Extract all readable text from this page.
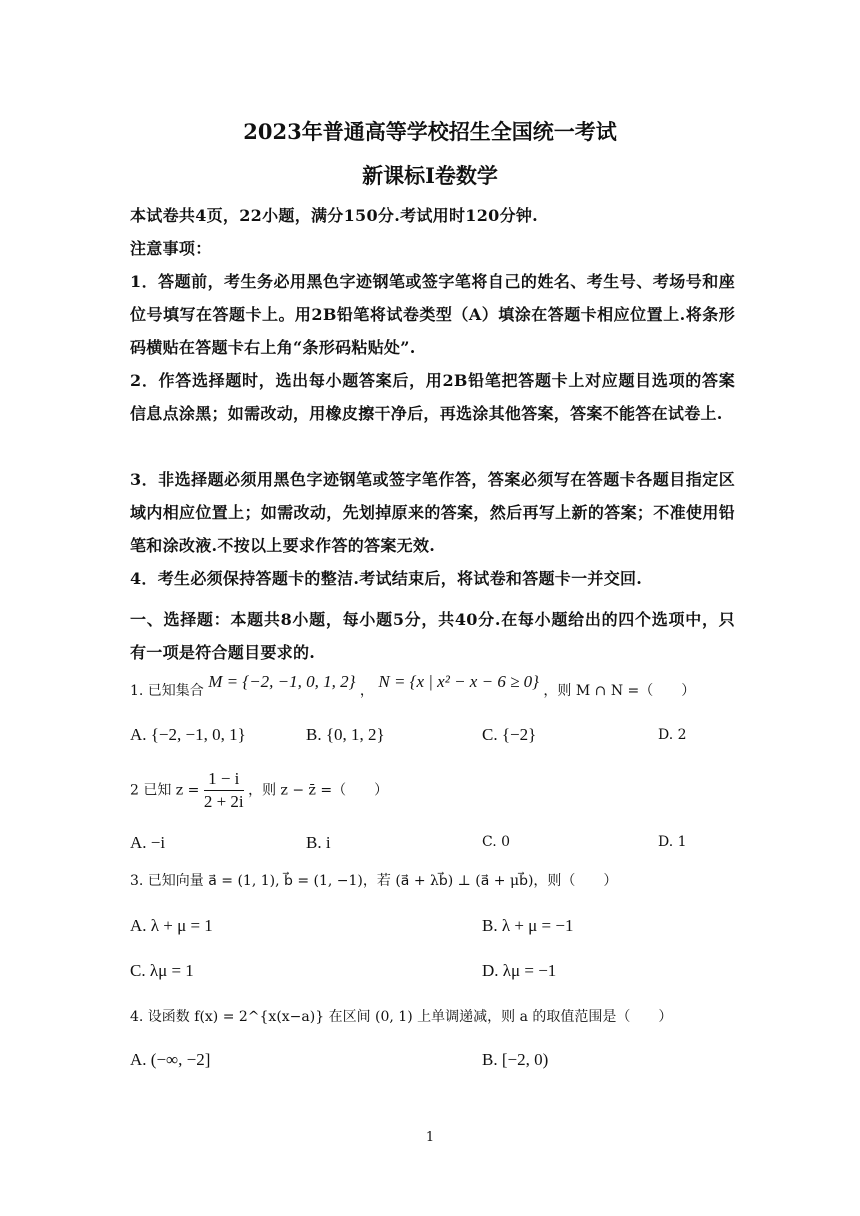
2023年普通高等学校招生全国统一考试
新课标Ⅰ卷数学
本试卷共4页，22小题，满分150分.考试用时120分钟.
注意事项：
1．答题前，考生务必用黑色字迹钢笔或签字笔将自己的姓名、考生号、考场号和座位号填写在答题卡上。用2B铅笔将试卷类型（A）填涂在答题卡相应位置上.将条形码横贴在答题卡右上角“条形码粘贴处”.
2．作答选择题时，选出每小题答案后，用2B铅笔把答题卡上对应题目选项的答案信息点涂黑；如需改动，用橡皮擦干净后，再选涂其他答案，答案不能答在试卷上.
3．非选择题必须用黑色字迹钢笔或签字笔作答，答案必须写在答题卡各题目指定区域内相应位置上；如需改动，先划掉原来的答案，然后再写上新的答案；不准使用铅笔和涂改液.不按以上要求作答的答案无效.
4．考生必须保持答题卡的整洁.考试结束后，将试卷和答题卡一并交回.
一、选择题：本题共8小题，每小题5分，共40分.在每小题给出的四个选项中，只有一项是符合题目要求的.
1. 已知集合 M = {−2, −1, 0, 1, 2} ， N = {x | x² − x − 6 ≥ 0} ，则 M ∩ N =（　　）
A. {−2, −1, 0, 1}	B. {0, 1, 2}	C. {−2}	D. 2
2 已知 $z = \frac{1 - i}{2 + 2i}$ ，则 z − z̄ =（　　）
A. −i	B. i	C. 0	D. 1
3. 已知向量 a⃗ = (1, 1), b⃗ = (1, −1)，若 (a⃗ + λb⃗) ⊥ (a⃗ + μb⃗)，则（　　）
A. λ + μ = 1	B. λ + μ = −1
C. λμ = 1	D. λμ = −1
4. 设函数 f(x) = 2^{x(x−a)} 在区间 (0, 1) 上单调递减，则 a 的取值范围是（　　）
A. (−∞, −2]	B. [−2, 0)
1
